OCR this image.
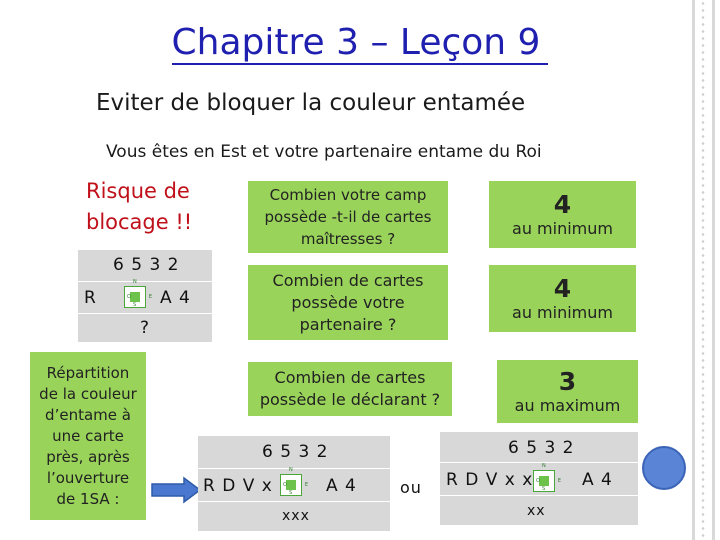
Chapitre 3 – Leçon 9
Eviter de bloquer la couleur entamée
Vous êtes en Est et votre partenaire entame du Roi
Risque de
blocage !!
6 5 3 2
R
N
S
O	E A 4
?
Répartition
de la couleur
d’entame à
une carte
près, après
l’ouverture
de 1SA :
Combien votre camp
possède -t-il de cartes
maîtresses ?
4
au minimum
Combien de cartes
possède votre
partenaire ?
4
au minimum
Combien de cartes
possède le déclarant ?
3
au maximum
6 5 3 2
R D V x
N
S
O	E A 4
xxx
ou
6 5 3 2
R D V x x
N
S
O	E A 4
xx
